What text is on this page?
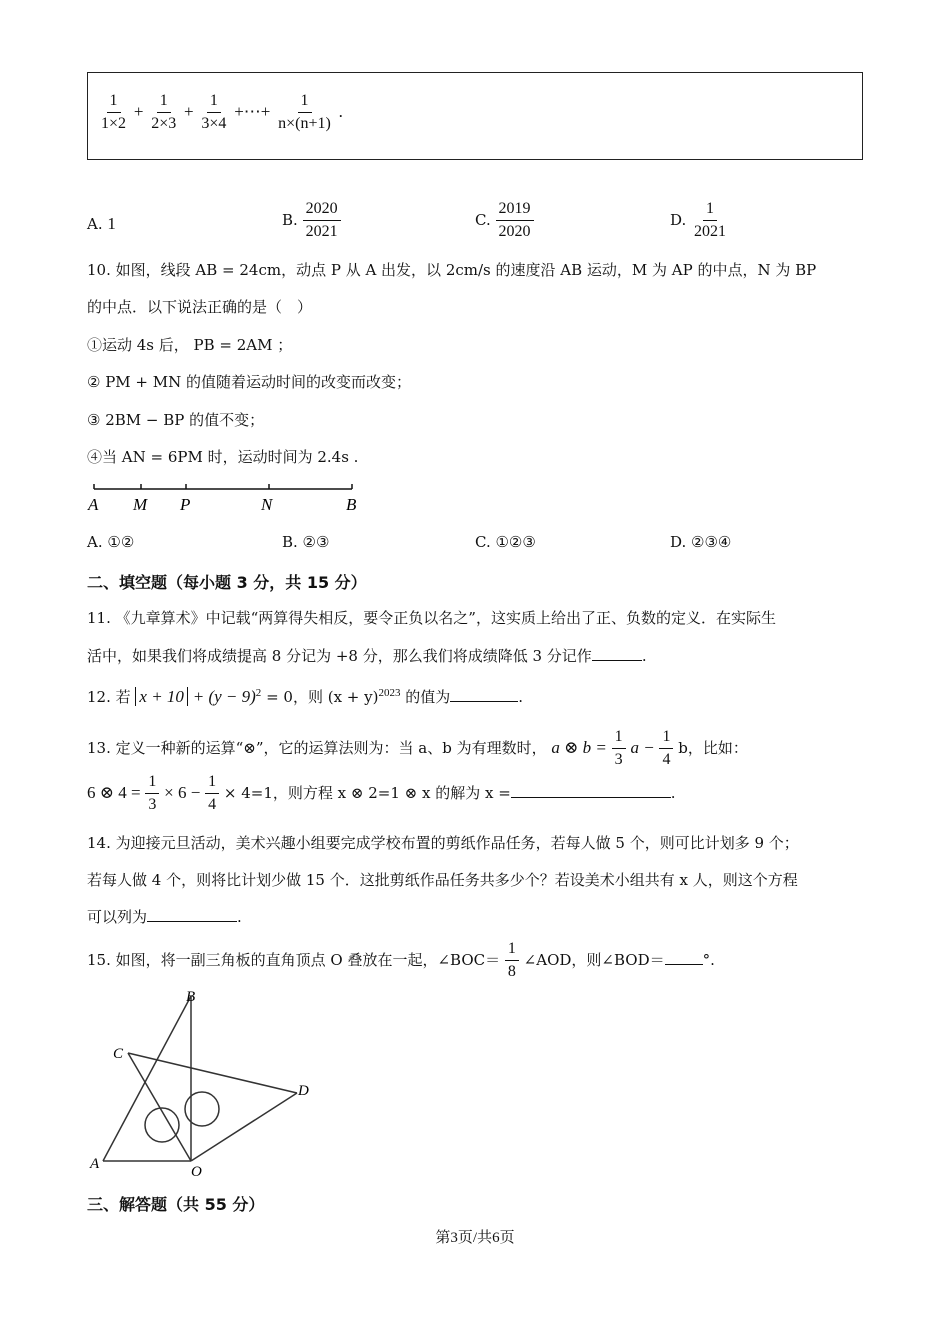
$\frac{1}{1\times 2} + \frac{1}{2\times 3} + \frac{1}{3\times 4}$ +⋯+ $\frac{1}{n\times(n+1)}$ .
A. 1	B. $\frac{2020}{2021}$	C. $\frac{2019}{2020}$	D. $\frac{1}{2021}$
10. 如图，线段 AB = 24cm，动点 P 从 A 出发，以 2cm/s 的速度沿 AB 运动，M 为 AP 的中点，N 为 BP
的中点．以下说法正确的是（　）
①运动 4s 后， PB = 2AM ；
② PM + MN 的值随着运动时间的改变而改变；
③ 2BM − BP 的值不变；
④当 AN = 6PM 时，运动时间为 2.4s .
A M P	N	B
A. ①②	B. ②③	C. ①②③	D. ②③④
二、填空题（每小题 3 分，共 15 分）
11. 《九章算术》中记载“两算得失相反，要令正负以名之”，这实质上给出了正、负数的定义．在实际生
活中，如果我们将成绩提高 8 分记为 +8 分，那么我们将成绩降低 3 分记作	.
12. 若 $x + 10 + (y - 9)^2 = 0$，则 $(x + y)^{2023}$ 的值为	.
13. 定义一种新的运算“⊗”，它的运算法则为：当 a、b 为有理数时， a ⊗ $b = \frac{1}{3}$ $a - \frac{1}{4}$ b，比如：
6 ⊗ $4 = \frac{1}{3} \times 6 - \frac{1}{4} \times 4=1$，则方程 x ⊗ 2=1 ⊗ x 的解为 x =	.
14. 为迎接元旦活动，美术兴趣小组要完成学校布置的剪纸作品任务，若每人做 5 个，则可比计划多 9 个；
若每人做 4 个，则将比计划少做 15 个．这批剪纸作品任务共多少个？若设美术小组共有 x 人，则这个方程
可以列为	.
15. 如图，将一副三角板的直角顶点 O 叠放在一起，∠BOC＝ $\frac{1}{8}$ ∠AOD，则∠BOD＝	°.
B
C
D
A	O
三、解答题（共 55 分）
第3页/共6页
